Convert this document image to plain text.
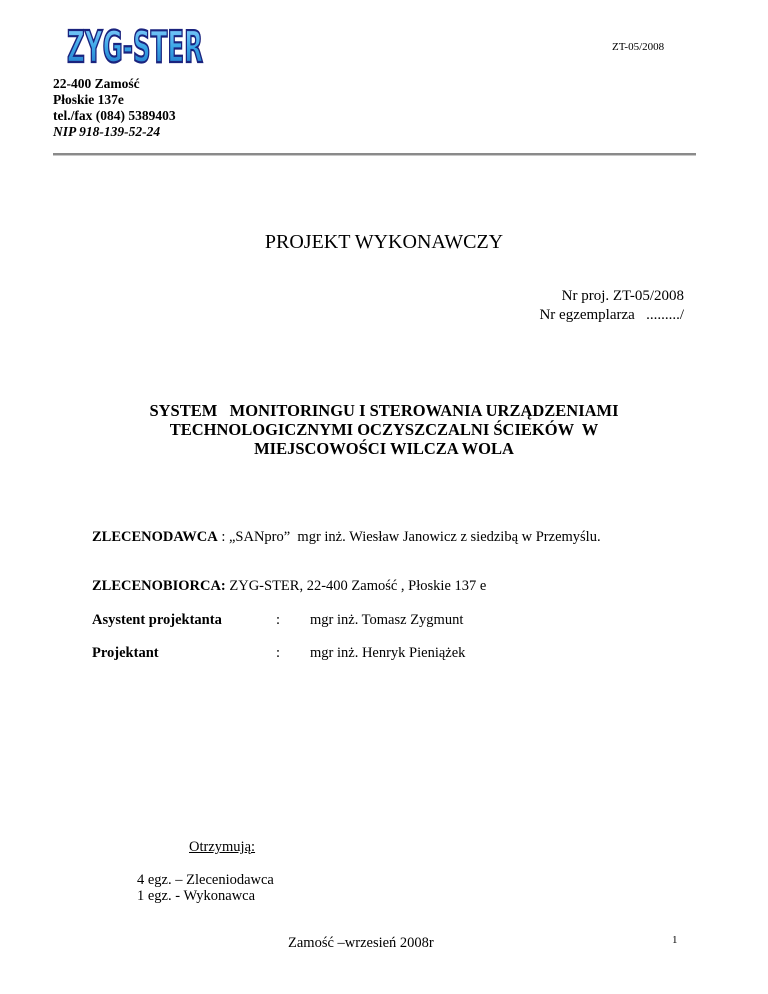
ZYG-STER	ZT-05/2008
22-400 Zamość
Płoskie 137e
tel./fax (084) 5389403
NIP 918-139-52-24
PROJEKT WYKONAWCZY
Nr proj. ZT-05/2008
Nr egzemplarza   ........./
SYSTEM   MONITORINGU I STEROWANIA URZĄDZENIAMI
TECHNOLOGICZNYMI OCZYSZCZALNI ŚCIEKÓW  W
MIEJSCOWOŚCI WILCZA WOLA
ZLECENODAWCA : „SANpro”  mgr inż. Wiesław Janowicz z siedzibą w Przemyślu.
ZLECENOBIORCA: ZYG-STER, 22-400 Zamość , Płoskie 137 e
Asystent projektanta	: mgr inż. Tomasz Zygmunt
Projektant	: mgr inż. Henryk Pieniążek
Otrzymują:
4 egz. – Zleceniodawca
1 egz. - Wykonawca
Zamość –wrzesień 2008r	1
